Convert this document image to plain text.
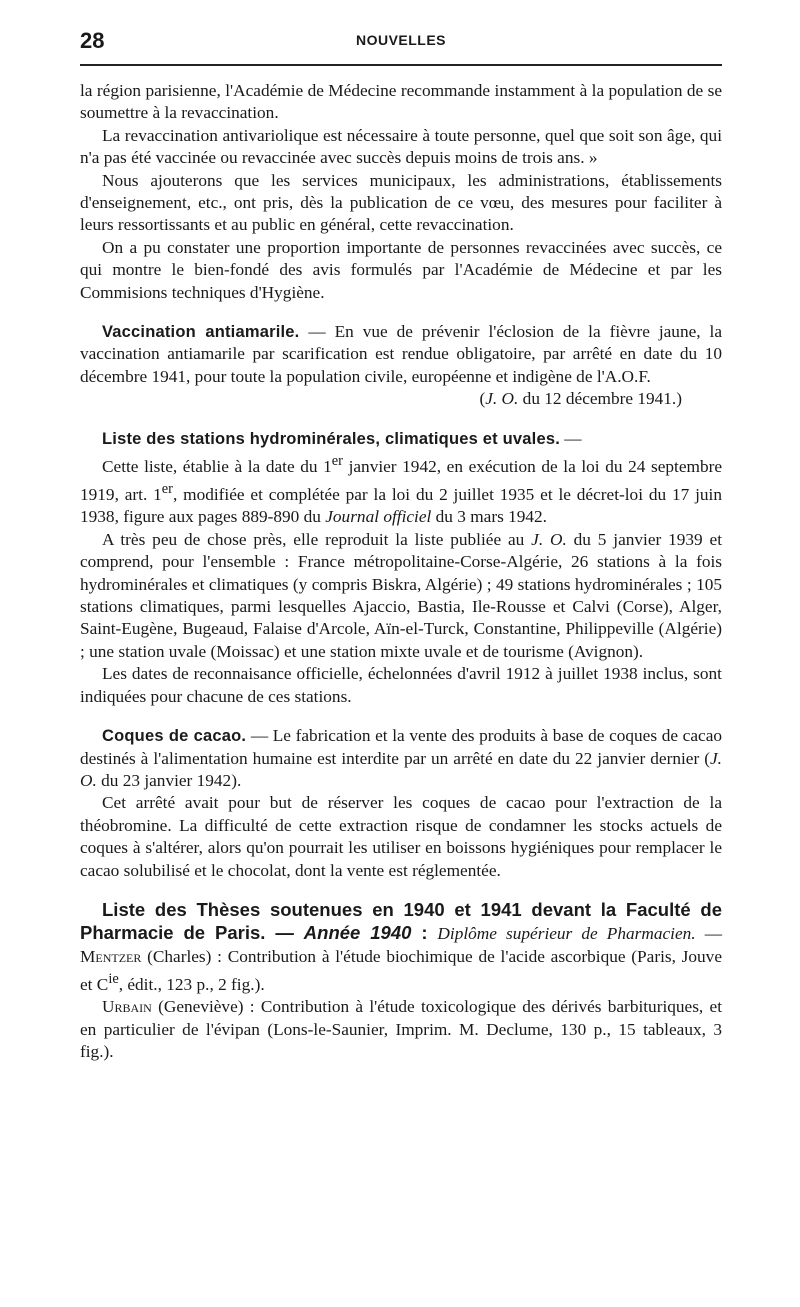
28	NOUVELLES

la région parisienne, l'Académie de Médecine recommande instamment à la population de se soumettre à la revaccination.

La revaccination antivariolique est nécessaire à toute personne, quel que soit son âge, qui n'a pas été vaccinée ou revaccinée avec succès depuis moins de trois ans. »

Nous ajouterons que les services municipaux, les administrations, établissements d'enseignement, etc., ont pris, dès la publication de ce vœu, des mesures pour faciliter à leurs ressortissants et au public en général, cette revaccination.

On a pu constater une proportion importante de personnes revaccinées avec succès, ce qui montre le bien-fondé des avis formulés par l'Académie de Médecine et par les Commisions techniques d'Hygiène.

Vaccination antiamarile. — En vue de prévenir l'éclosion de la fièvre jaune, la vaccination antiamarile par scarification est rendue obligatoire, par arrêté en date du 10 décembre 1941, pour toute la population civile, européenne et indigène de l'A.O.F.

(J. O. du 12 décembre 1941.)

Liste des stations hydrominérales, climatiques et uvales. —

Cette liste, établie à la date du 1er janvier 1942, en exécution de la loi du 24 septembre 1919, art. 1er, modifiée et complétée par la loi du 2 juillet 1935 et le décret-loi du 17 juin 1938, figure aux pages 889-890 du Journal officiel du 3 mars 1942.

A très peu de chose près, elle reproduit la liste publiée au J. O. du 5 janvier 1939 et comprend, pour l'ensemble : France métropolitaine-Corse-Algérie, 26 stations à la fois hydrominérales et climatiques (y compris Biskra, Algérie) ; 49 stations hydrominérales ; 105 stations climatiques, parmi lesquelles Ajaccio, Bastia, Ile-Rousse et Calvi (Corse), Alger, Saint-Eugène, Bugeaud, Falaise d'Arcole, Aïn-el-Turck, Constantine, Philippeville (Algérie) ; une station uvale (Moissac) et une station mixte uvale et de tourisme (Avignon).

Les dates de reconnaisance officielle, échelonnées d'avril 1912 à juillet 1938 inclus, sont indiquées pour chacune de ces stations.

Coques de cacao. — Le fabrication et la vente des produits à base de coques de cacao destinés à l'alimentation humaine est interdite par un arrêté en date du 22 janvier dernier (J. O. du 23 janvier 1942).

Cet arrêté avait pour but de réserver les coques de cacao pour l'extraction de la théobromine. La difficulté de cette extraction risque de condamner les stocks actuels de coques à s'altérer, alors qu'on pourrait les utiliser en boissons hygiéniques pour remplacer le cacao solubilisé et le chocolat, dont la vente est réglementée.

Liste des Thèses soutenues en 1940 et 1941 devant la Faculté de Pharmacie de Paris. — Année 1940 : Diplôme supérieur de Pharmacien. — Mentzer (Charles) : Contribution à l'étude biochimique de l'acide ascorbique (Paris, Jouve et $C^{ie}$, édit., 123 p., 2 fig.).

Urbain (Geneviève) : Contribution à l'étude toxicologique des dérivés barbituriques, et en particulier de l'évipan (Lons-le-Saunier, Imprim. M. Declume, 130 p., 15 tableaux, 3 fig.).
